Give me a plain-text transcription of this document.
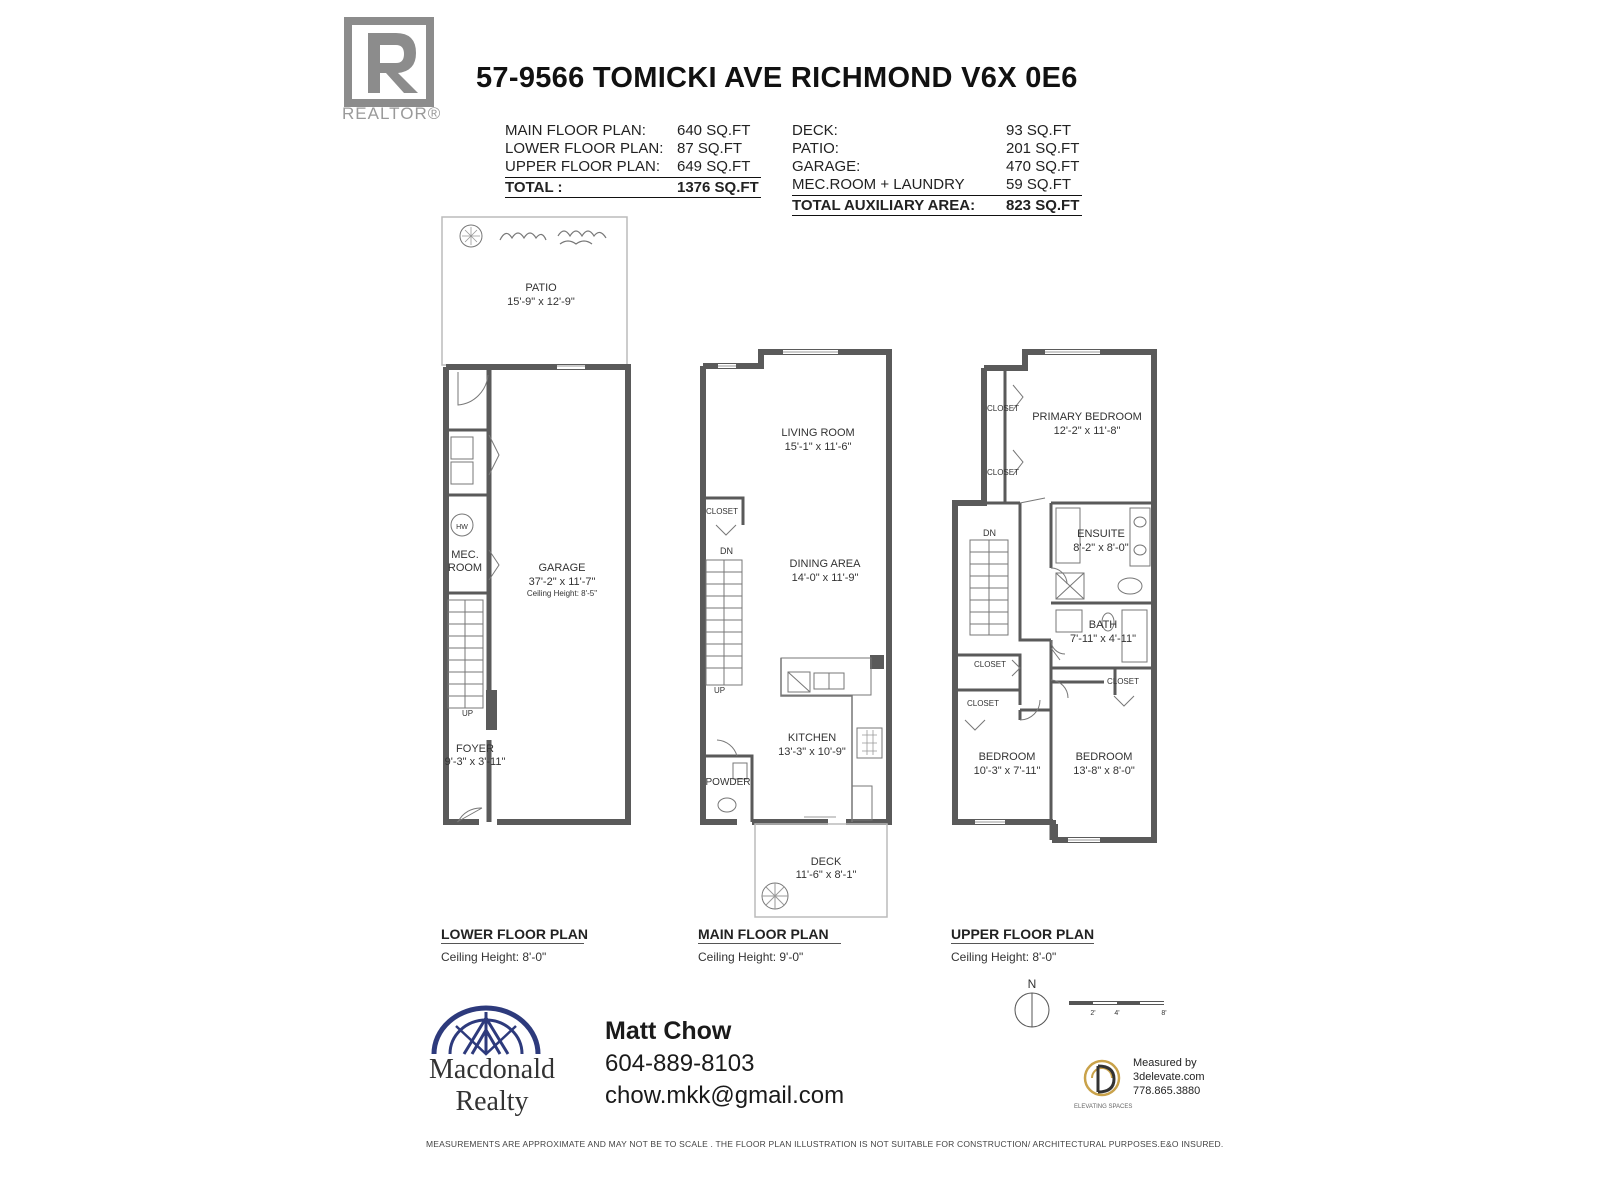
REALTOR®
57-9566 TOMICKI AVE RICHMOND V6X 0E6
MAIN FLOOR PLAN: 640 SQ.FT
LOWER FLOOR PLAN: 87 SQ.FT
UPPER FLOOR PLAN: 649 SQ.FT
TOTAL :	1376 SQ.FT
DECK:	93 SQ.FT
PATIO:	201 SQ.FT
GARAGE:	470 SQ.FT
MEC.ROOM + LAUNDRY	59 SQ.FT
TOTAL AUXILIARY AREA: 823 SQ.FT
PATIO
15'-9" x 12'-9"
GARAGE
37'-2" x 11'-7"
Ceiling Height: 8'-5"
HW
MEC.
ROOM
UP
FOYER
9'-3" x 3'-11"
LIVING ROOM
15'-1" x 11'-6"
CLOSET
DN
UP
DINING AREA
14'-0" x 11'-9"
KITCHEN
13'-3" x 10'-9"
POWDER
DECK
11'-6" x 8'-1"
PRIMARY BEDROOM
12'-2" x 11'-8"
CLOSET
CLOSET
DN	ENSUITE
8'-2" x 8'-0"
BATH
7'-11" x 4'-11"
CLOSET
CLOSET
CLOSET
BEDROOM
10'-3" x 7'-11"
BEDROOM
13'-8" x 8'-0"
N
2'	4'	8'
LOWER FLOOR PLAN
Ceiling Height: 8'-0"
MAIN FLOOR PLAN
Ceiling Height: 9'-0"
UPPER FLOOR PLAN
Ceiling Height: 8'-0"
Macdonald
Realty
Matt Chow
604-889-8103
chow.mkk@gmail.com	ELEVATING SPACES
Measured by
3delevate.com
778.865.3880
MEASUREMENTS ARE APPROXIMATE AND MAY NOT BE TO SCALE . THE FLOOR PLAN ILLUSTRATION IS NOT SUITABLE FOR CONSTRUCTION/ ARCHITECTURAL PURPOSES.E&O INSURED.
